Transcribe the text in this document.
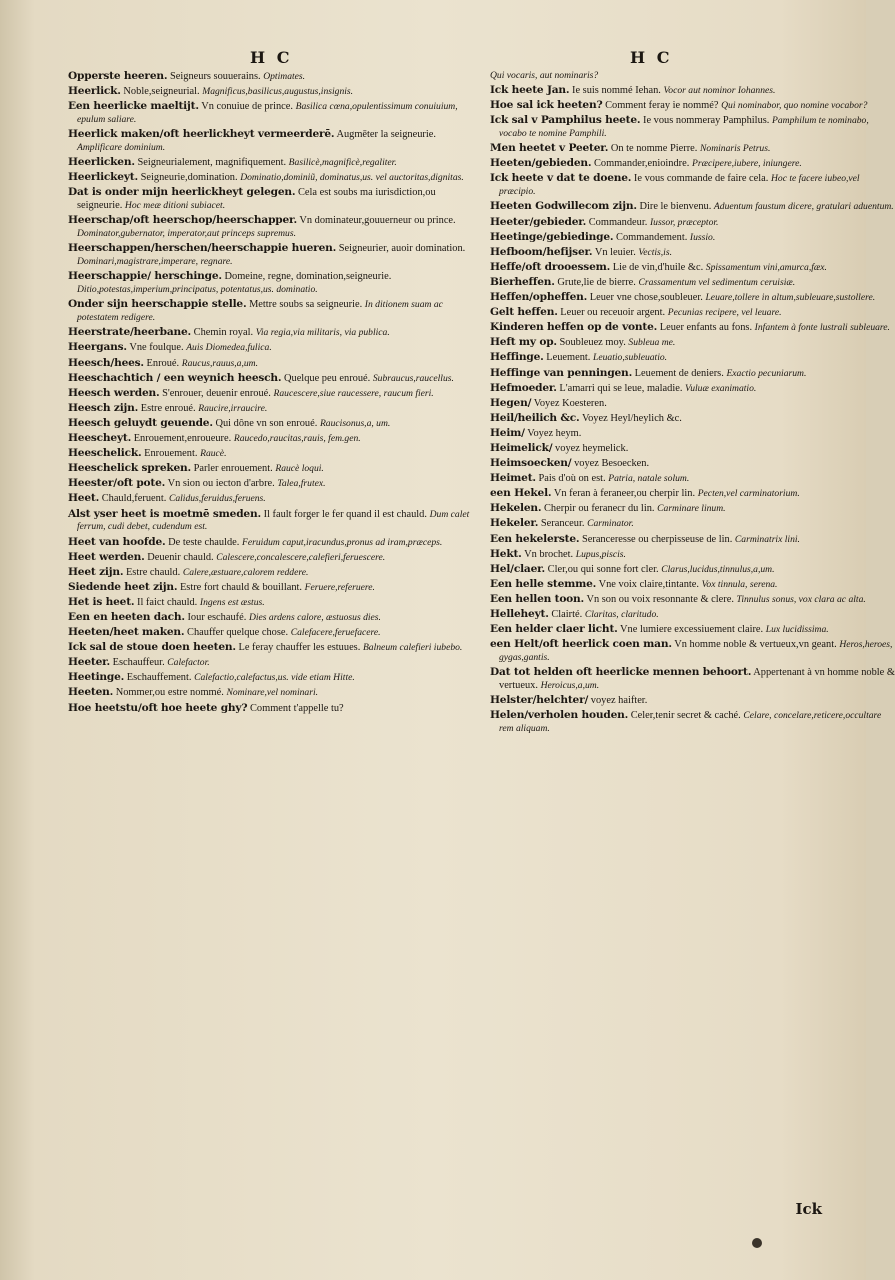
H C	H C

Opperste heeren. Seigneurs souuerains. Optimates.

Heerlick. Noble,seigneurial. Magnificus,basilicus,augustus,insignis.

Een heerlicke maeltijt. Vn conuiue de prince. Basilica cœna,opulentissimum conuiuium, epulum saliare.

Heerlick maken/oft heerlickheyt vermeerderē. Augmēter la seigneurie. Amplificare dominium.

Heerlicken. Seigneurialement, magnifiquement. Basilicè,magnificè,regaliter.

Heerlickeyt. Seigneurie,domination. Dominatio,dominiũ, dominatus,us. vel auctoritas,dignitas.

Dat is onder mijn heerlickheyt gelegen. Cela est soubs ma iurisdiction,ou seigneurie. Hoc meæ ditioni subiacet.

Heerschap/oft heerschop/heerschapper. Vn dominateur,gouuerneur ou prince. Dominator,gubernator, imperator,aut princeps supremus.

Heerschappen/herschen/heerschappie hueren. Seigneurier, auoir domination. Dominari,magistrare,imperare, regnare.

Heerschappie/ herschinge. Domeine, regne, domination,seigneurie. Ditio,potestas,imperium,principatus, potentatus,us. dominatio.

Onder sijn heerschappie stelle. Mettre soubs sa seigneurie. In ditionem suam ac potestatem redigere.

Heerstrate/heerbane. Chemin royal. Via regia,via militaris, via publica.

Heergans. Vne foulque. Auis Diomedea,fulica.

Heesch/hees. Enroué. Raucus,rauus,a,um.

Heeschachtich / een weynich heesch. Quelque peu enroué. Subraucus,raucellus.

Heesch werden. S'enrouer, deuenir enroué. Raucescere,siue raucessere, raucum fieri.

Heesch zijn. Estre enroué. Raucire,irraucire.

Heesch geluydt geuende. Qui dône vn son enroué. Raucisonus,a, um.

Heescheyt. Enrouement,enroueure. Raucedo,raucitas,rauis, fem.gen.

Heeschelick. Enrouement. Raucè.

Heeschelick spreken. Parler enrouement. Raucè loqui.

Heester/oft pote. Vn sion ou iecton d'arbre. Talea,frutex.

Heet. Chauld,feruent. Calidus,feruidus,feruens.

Alst yser heet is moetmē smeden. Il fault forger le fer quand il est chauld. Dum calet ferrum, cudi debet, cudendum est.

Heet van hoofde. De teste chaulde. Feruidum caput,iracundus,pronus ad iram,præceps.

Heet werden. Deuenir chauld. Calescere,concalescere,calefieri,feruescere.

Heet zijn. Estre chauld. Calere,æstuare,calorem reddere.

Siedende heet zijn. Estre fort chauld & bouillant. Feruere,referuere.

Het is heet. Il faict chauld. Ingens est æstus.

Een en heeten dach. Iour eschaufé. Dies ardens calore, æstuosus dies.

Heeten/heet maken. Chauffer quelque chose. Calefacere,feruefacere.

Ick sal de stoue doen heeten. Le feray chauffer les estuues. Balneum calefieri iubebo.

Heeter. Eschauffeur. Calefactor.

Heetinge. Eschauffement. Calefactio,calefactus,us. vide etiam Hitte.

Heeten. Nommer,ou estre nommé. Nominare,vel nominari.

Hoe heetstu/oft hoe heete ghy? Comment t'appelle tu?

Qui vocaris, aut nominaris?

Ick heete Jan. Ie suis nommé Iehan. Vocor aut nominor Iohannes.

Hoe sal ick heeten? Comment feray ie nommé? Qui nominabor, quo nomine vocabor?

Ick sal v Pamphilus heete. Ie vous nommeray Pamphilus. Pamphilum te nominabo, vocabo te nomine Pamphili.

Men heetet v Peeter. On te nomme Pierre. Nominaris Petrus.

Heeten/gebieden. Commander,enioindre. Præcipere,iubere, iniungere.

Ick heete v dat te doene. Ie vous commande de faire cela. Hoc te facere iubeo,vel præcipio.

Heeten Godwillecom zijn. Dire le bienvenu. Aduentum faustum dicere, gratulari aduentum.

Heeter/gebieder. Commandeur. Iussor, præceptor.

Heetinge/gebiedinge. Commandement. Iussio.

Hefboom/hefijser. Vn leuier. Vectis,is.

Heffe/oft drooessem. Lie de vin,d'huile &c. Spissamentum vini,amurca,fæx.

Bierheffen. Grute,lie de bierre. Crassamentum vel sedimentum ceruisiæ.

Heffen/opheffen. Leuer vne chose,soubleuer. Leuare,tollere in altum,subleuare,sustollere.

Gelt heffen. Leuer ou receuoir argent. Pecunias recipere, vel leuare.

Kinderen heffen op de vonte. Leuer enfants au fons. Infantem à fonte lustrali subleuare.

Heft my op. Soubleuez moy. Subleua me.

Heffinge. Leuement. Leuatio,subleuatio.

Heffinge van penningen. Leuement de deniers. Exactio pecuniarum.

Hefmoeder. L'amarri qui se leue, maladie. Vuluæ exanimatio.

Hegen/ Voyez Koesteren.

Heil/heilich &c. Voyez Heyl/heylich &c.

Heim/ Voyez heym.

Heimelick/ voyez heymelick.

Heimsoecken/ voyez Besoecken.

Heimet. Pais d'où on est. Patria, natale solum.

een Hekel. Vn feran à feraneer,ou cherpir lin. Pecten,vel carminatorium.

Hekelen. Cherpir ou feranecr du lin. Carminare linum.

Hekeler. Seranceur. Carminator.

Een hekelerste. Seranceresse ou cherpisseuse de lin. Carminatrix lini.

Hekt. Vn brochet. Lupus,piscis.

Hel/claer. Cler,ou qui sonne fort cler. Clarus,lucidus,tinnulus,a,um.

Een helle stemme. Vne voix claire,tintante. Vox tinnula, serena.

Een hellen toon. Vn son ou voix resonnante & clere. Tinnulus sonus, vox clara ac alta.

Helleheyt. Clairté. Claritas, claritudo.

Een helder claer licht. Vne lumiere excessiuement claire. Lux lucidissima.

een Helt/oft heerlick coen man. Vn homme noble & vertueux,vn geant. Heros,heroes, gygas,gantis.

Dat tot helden oft heerlicke mennen behoort. Appertenant à vn homme noble & vertueux. Heroicus,a,um.

Helster/helchter/ voyez haifter.

Helen/verholen houden. Celer,tenir secret & caché. Celare, concelare,reticere,occultare rem aliquam.

Ick
